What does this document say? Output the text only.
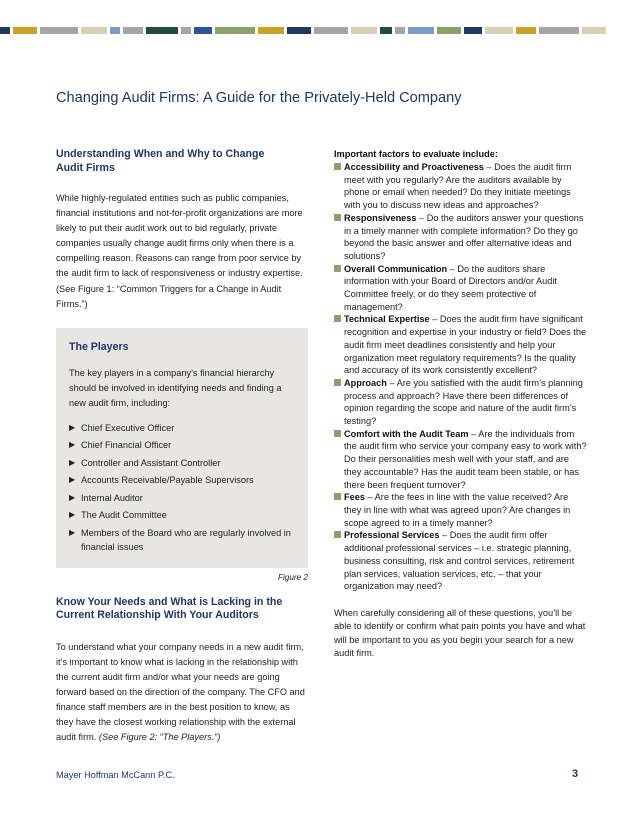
Changing Audit Firms: A Guide for the Privately-Held Company
Understanding When and Why to Change Audit Firms

While highly-regulated entities such as public companies, financial institutions and not-for-profit organizations are more likely to put their audit work out to bid regularly, private companies usually change audit firms only when there is a compelling reason. Reasons can range from poor service by the audit firm to lack of responsiveness or industry expertise. (See Figure 1: “Common Triggers for a Change in Audit Firms.”)

The Players

The key players in a company’s financial hierarchy should be involved in identifying needs and finding a new audit firm, including:

▶ Chief Executive Officer
▶ Chief Financial Officer
▶ Controller and Assistant Controller
▶ Accounts Receivable/Payable Supervisors
▶ Internal Auditor
▶ The Audit Committee
▶ Members of the Board who are regularly involved in financial issues
Figure 2
Know Your Needs and What is Lacking in the Current Relationship With Your Auditors

To understand what your company needs in a new audit firm, it’s important to know what is lacking in the relationship with the current audit firm and/or what your needs are going forward based on the direction of the company. The CFO and finance staff members are in the best position to know, as they have the closest working relationship with the external audit firm. (See Figure 2: “The Players.”)

Important factors to evaluate include:
Accessibility and Proactiveness – Does the audit firm meet with you regularly? Are the auditors available by phone or email when needed? Do they initiate meetings with you to discuss new ideas and approaches?
Responsiveness – Do the auditors answer your questions in a timely manner with complete information? Do they go beyond the basic answer and offer alternative ideas and solutions?
Overall Communication – Do the auditors share information with your Board of Directors and/or Audit Committee freely, or do they seem protective of management?
Technical Expertise – Does the audit firm have significant recognition and expertise in your industry or field? Does the audit firm meet deadlines consistently and help your organization meet regulatory requirements? Is the quality and accuracy of its work consistently excellent?
Approach – Are you satisfied with the audit firm’s planning process and approach? Have there been differences of opinion regarding the scope and nature of the audit firm’s testing?
Comfort with the Audit Team – Are the individuals from the audit firm who service your company easy to work with? Do their personalities mesh well with your staff, and are they accountable? Has the audit team been stable, or has there been frequent turnover?
Fees – Are the fees in line with the value received? Are they in line with what was agreed upon? Are changes in scope agreed to in a timely manner?
Professional Services – Does the audit firm offer additional professional services – i.e. strategic planning, business consulting, risk and control services, retirement plan services, valuation services, etc. – that your organization may need?

When carefully considering all of these questions, you’ll be able to identify or confirm what pain points you have and what will be important to you as you begin your search for a new audit firm.

Mayer Hoffman McCann P.C.	3
